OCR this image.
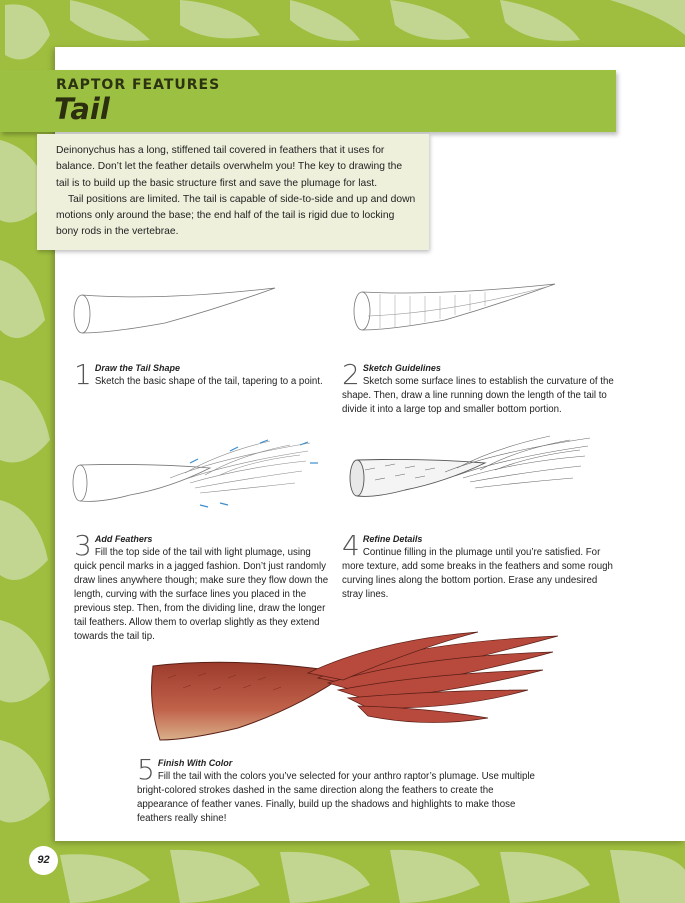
RAPTOR FEATURES
Tail

Deinonychus has a long, stiffened tail covered in feathers that it uses for balance. Don’t let the feather details overwhelm you! The key to drawing the tail is to build up the basic structure first and save the plumage for last.

Tail positions are limited. The tail is capable of side-to-side and up and down motions only around the base; the end half of the tail is rigid due to locking bony rods in the vertebrae.

1 Draw the Tail Shape
Sketch the basic shape of the tail, tapering to a point. 2 Sketch Guidelines
Sketch some surface lines to establish the curvature of the shape. Then, draw a line running down the length of the tail to divide it into a large top and smaller bottom portion.
3 Add Feathers
Fill the top side of the tail with light plumage, using quick pencil marks in a jagged fashion. Don’t just randomly draw lines anywhere though; make sure they flow down the length, curving with the surface lines you placed in the previous step. Then, from the dividing line, draw the longer tail feathers. Allow them to overlap slightly as they extend towards the tail tip.
4 Refine Details
Continue filling in the plumage until you’re satisfied. For more texture, add some breaks in the feathers and some rough curving lines along the bottom portion. Erase any undesired stray lines.
5 Finish With Color
Fill the tail with the colors you’ve selected for your anthro raptor’s plumage. Use multiple bright-colored strokes dashed in the same direction along the feathers to create the appearance of feather vanes. Finally, build up the shadows and highlights to make those feathers really shine!
92
